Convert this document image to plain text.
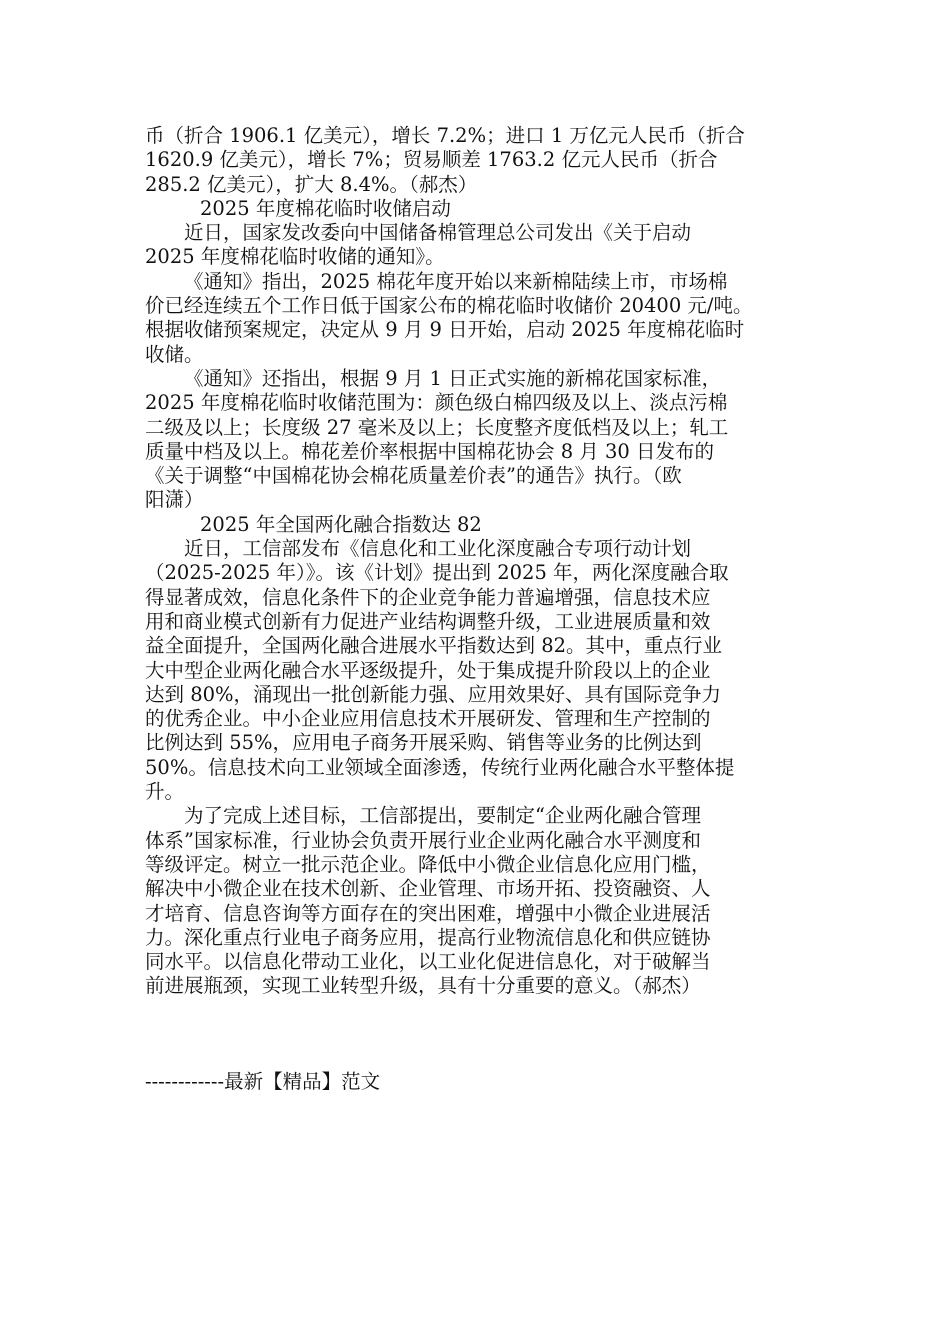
币（折合 1906.1 亿美元），增长 7.2%；进口 1 万亿元人民币（折合
1620.9 亿美元），增长 7%；贸易顺差 1763.2 亿元人民币（折合
285.2 亿美元），扩大 8.4%。（郝杰）
2025 年度棉花临时收储启动
近日，国家发改委向中国储备棉管理总公司发出《关于启动
2025 年度棉花临时收储的通知》。
《通知》指出，2025 棉花年度开始以来新棉陆续上市，市场棉
价已经连续五个工作日低于国家公布的棉花临时收储价 20400 元/吨。
根据收储预案规定，决定从 9 月 9 日开始，启动 2025 年度棉花临时
收储。
《通知》还指出，根据 9 月 1 日正式实施的新棉花国家标准，
2025 年度棉花临时收储范围为：颜色级白棉四级及以上、淡点污棉
二级及以上；长度级 27 毫米及以上；长度整齐度低档及以上；轧工
质量中档及以上。棉花差价率根据中国棉花协会 8 月 30 日发布的
《关于调整“中国棉花协会棉花质量差价表”的通告》执行。（欧
阳潇）
2025 年全国两化融合指数达 82
近日，工信部发布《信息化和工业化深度融合专项行动计划
（2025-2025 年）》。该《计划》提出到 2025 年，两化深度融合取
得显著成效，信息化条件下的企业竞争能力普遍增强，信息技术应
用和商业模式创新有力促进产业结构调整升级，工业进展质量和效
益全面提升，全国两化融合进展水平指数达到 82。其中，重点行业
大中型企业两化融合水平逐级提升，处于集成提升阶段以上的企业
达到 80%，涌现出一批创新能力强、应用效果好、具有国际竞争力
的优秀企业。中小企业应用信息技术开展研发、管理和生产控制的
比例达到 55%，应用电子商务开展采购、销售等业务的比例达到
50%。信息技术向工业领域全面渗透，传统行业两化融合水平整体提
升。
为了完成上述目标，工信部提出，要制定“企业两化融合管理
体系”国家标准，行业协会负责开展行业企业两化融合水平测度和
等级评定。树立一批示范企业。降低中小微企业信息化应用门槛，
解决中小微企业在技术创新、企业管理、市场开拓、投资融资、人
才培育、信息咨询等方面存在的突出困难，增强中小微企业进展活
力。深化重点行业电子商务应用，提高行业物流信息化和供应链协
同水平。以信息化带动工业化，以工业化促进信息化，对于破解当
前进展瓶颈，实现工业转型升级，具有十分重要的意义。（郝杰）
------------最新【精品】范文
